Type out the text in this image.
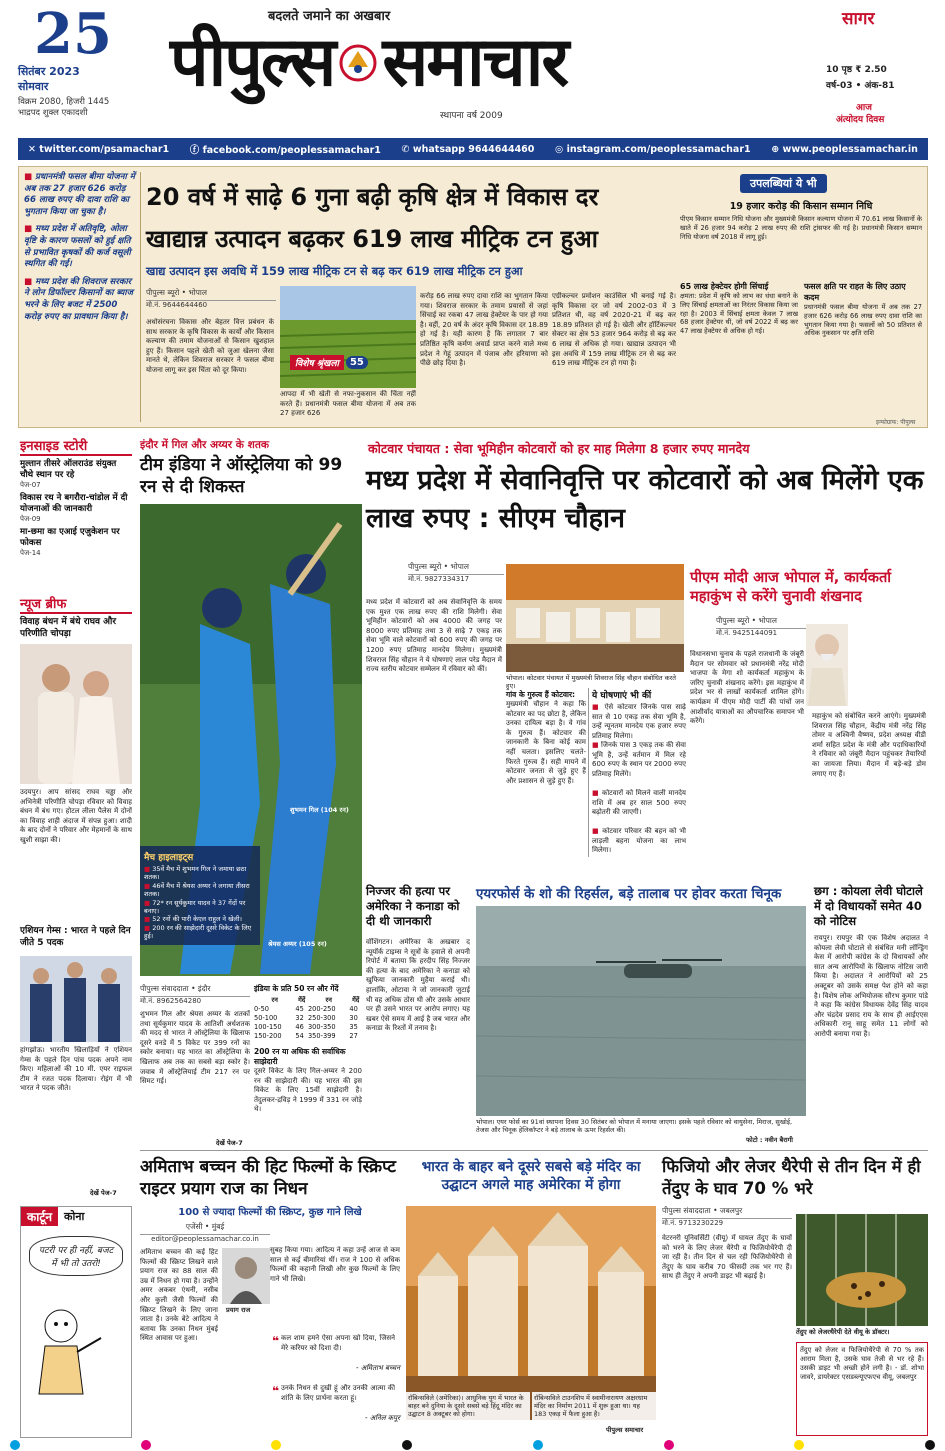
25
सितंबर 2023
सोमवार
विक्रम 2080, हिजरी 1445
भाद्रपद शुक्ल एकादशी
बदलते जमाने का अखबार
पीपुल्स समाचार
स्थापना वर्ष 2009
सागर
10 पृष्ठ ₹ 2.50
वर्ष-03 • अंक-81
आज
अंत्योदय दिवस
✕ twitter.com/psamachar1 ⓕ facebook.com/peoplessamachar1 ✆ whatsapp 9644644460 ◎ instagram.com/peoplessamachar1 ⊕ www.peoplessamachar.in

■ प्रधानमंत्री फसल बीमा योजना में अब तक 27 हजार 626 करोड़ 66 लाख रुपए की दावा राशि का भुगतान किया जा चुका है।

■ मध्य प्रदेश में अतिवृष्टि, ओला वृष्टि के कारण फसलों को हुई क्षति से प्रभावित कृषकों की कर्ज वसूली स्थगित की गई।

■ मध्य प्रदेश की शिवराज सरकार ने लोन डिफॉल्टर किसानों का ब्याज भरने के लिए बजट में 2500 करोड़ रुपए का प्रावधान किया है।

20 वर्ष में साढ़े 6 गुना बढ़ी कृषि क्षेत्र में विकास दर
खाद्यान्न उत्पादन बढ़कर 619 लाख मीट्रिक टन हुआ
खाद्य उत्पादन इस अवधि में 159 लाख मीट्रिक टन से बढ़ कर 619 लाख मीट्रिक टन हुआ
पीपुल्स ब्यूरो • भोपाल
मो.नं. 9644644460
विशेष श्रृंखला	55
अधोसंरचना विकास और बेहतर वित्त प्रबंधन के साथ सरकार के कृषि विकास के कार्यों और किसान कल्याण की तमाम योजनाओं से किसान खुशहाल हुए हैं। किसान पहले खेती को जुआ खेलना जैसा मानते थे, लेकिन शिवराज सरकार ने फसल बीमा योजना लागू कर इस चिंता को दूर किया।
आपदा में भी खेती से नफा-नुकसान की चिंता नहीं करते हैं। प्रधानमंत्री फसल बीमा योजना में अब तक 27 हजार 626
करोड़ 66 लाख रुपए दावा राशि का भुगतान किया गया। शिवराज सरकार के तमाम प्रयासों से जहां सिंचाई का रकबा 47 लाख हेक्टेयर के पार हो गया है। वहीं, 20 वर्ष के अंदर कृषि विकास दर 18.89 हो गई है। यही कारण है कि लगातार 7 बार प्रतिष्ठित कृषि कर्मण अवार्ड प्राप्त करने वाले मध्य प्रदेश ने गेहूं उत्पादन में पंजाब और हरियाणा को पीछे छोड़ दिया है।
एग्रीकल्चर प्रमोशन काउंसिल भी बनाई गई है। कृषि विकास दर जो वर्ष 2002-03 में 3 प्रतिशत थी, वह वर्ष 2020-21 में बढ़ कर 18.89 प्रतिशत हो गई है। खेती और हॉर्टिकल्चर सेक्टर का क्षेत्र 53 हजार 964 करोड़ से बढ़ कर 6 लाख से अधिक हो गया। खाद्यान्न उत्पादन भी इस अवधि में 159 लाख मीट्रिक टन से बढ़ कर 619 लाख मीट्रिक टन हो गया है।
उपलब्धियां ये भी
19 हजार करोड़ की किसान सम्मान निधि
पीएम किसान सम्मान निधि योजना और मुख्यमंत्री किसान कल्याण योजना में 70.61 लाख किसानों के खाते में 26 हजार 94 करोड़ 2 लाख रुपए की राशि ट्रांसफर की गई है। प्रधानमंत्री किसान सम्मान निधि योजना वर्ष 2018 में लागू हुई।
65 लाख हेक्टेयर होगी सिंचाई
क्षमता: प्रदेश में कृषि को लाभ का धंधा बनाने के लिए सिंचाई क्षमताओं का निरंतर विकास किया जा रहा है। 2003 में सिंचाई क्षमता केवल 7 लाख 68 हजार हेक्टेयर थी, जो वर्ष 2022 में बढ़ कर 47 लाख हेक्टेयर से अधिक हो गई।
फसल क्षति पर राहत के लिए उठाए कदम
प्रधानमंत्री फसल बीमा योजना में अब तक 27 हजार 626 करोड़ 66 लाख रुपए दावा राशि का भुगतान किया गया है। फसलों को 50 प्रतिशत से अधिक नुकसान पर क्षति राशि
इन्फोग्राफ: पीपुल्स
इनसाइड स्टोरी
मुल्तान तीसरे ऑलराउंड संयुक्त चौथे स्थान पर रहे
पेज-07
विकास रथ ने बगरौरा-चांडोल में दी योजनाओं की जानकारी
पेज-09
मा-छमा का एआई एजुकेशन पर फोकस
पेज-14
न्यूज ब्रीफ
विवाह बंधन में बंधे राघव और परिणीति चोपड़ा
उदयपुर। आप सांसद राघव चड्ढा और अभिनेत्री परिणीति चोपड़ा रविवार को विवाह बंधन में बंध गए। होटल लीला पैलेस में दोनों का विवाह शाही अंदाज में संपन्न हुआ। शादी के बाद दोनों ने परिवार और मेहमानों के साथ खुशी साझा की।
एशियन गेम्स : भारत ने पहले दिन जीते 5 पदक
हांगझोऊ। भारतीय खिलाड़ियों ने एशियन गेम्स के पहले दिन पांच पदक अपने नाम किए। महिलाओं की 10 मी. एयर राइफल टीम ने रजत पदक दिलाया। रोइंग में भी भारत ने पदक जीते।
देखें पेज-7
कार्टून	कोना
पटरी पर ही नहीं, बजट में भी तो उतरो!
इंदौर में गिल और अय्यर के शतक
टीम इंडिया ने ऑस्ट्रेलिया को 99 रन से दी शिकस्त
शुभमन गिल (104 रन)
श्रेयस अय्यर (105 रन)
मैच हाइलाइट्स
■ 35वें मैच में शुभमन गिल ने जमाया छठा शतक।
■ 46वें मैच में श्रेयस अय्यर ने लगाया तीसरा शतक।
■ 72* रन सूर्यकुमार यादव ने 37 गेंदों पर बनाए।
■ 52 रनों की पारी केएल राहुल ने खेली।
■ 200 रन की साझेदारी दूसरे विकेट के लिए हुई।
पीपुल्स संवाददाता • इंदौर
मो.नं. 8962564280
शुभमन गिल और श्रेयस अय्यर के शतकों तथा सूर्यकुमार यादव के आतिशी अर्धशतक की मदद से भारत ने ऑस्ट्रेलिया के खिलाफ दूसरे वनडे में 5 विकेट पर 399 रनों का स्कोर बनाया। यह भारत का ऑस्ट्रेलिया के खिलाफ अब तक का सबसे बड़ा स्कोर है। जवाब में ऑस्ट्रेलियाई टीम 217 रन पर सिमट गई।
देखें पेज-7
इंडिया के प्रति 50 रन और गेंदें
रन	गेंदें	रन	गेंदें
0-50	45	200-250	40
50-100	32	250-300	30
100-150	46	300-350	35
150-200	54	350-399	27
200 रन या अधिक की सर्वाधिक साझेदारी
दूसरे विकेट के लिए गिल-अय्यर ने 200 रन की साझेदारी की। यह भारत की इस विकेट के लिए 15वीं साझेदारी है। तेंदुलकर-द्रविड़ ने 1999 में 331 रन जोड़े थे।
कोटवार पंचायत : सेवा भूमिहीन कोटवारों को हर माह मिलेगा 8 हजार रुपए मानदेय
मध्य प्रदेश में सेवानिवृत्ति पर कोटवारों को अब मिलेंगे एक लाख रुपए : सीएम चौहान
पीपुल्स ब्यूरो • भोपाल
मो.नं. 9827334317
भोपाल। कोटवार पंचायत में मुख्यमंत्री शिवराज सिंह चौहान संबोधित करते हुए।
मध्य प्रदेश में कोटवारों को अब सेवानिवृत्ति के समय एक मुश्त एक लाख रुपए की राशि मिलेगी। सेवा भूमिहीन कोटवारों को अब 4000 की जगह पर 8000 रुपए प्रतिमाह तथा 3 से साढ़े 7 एकड़ तक सेवा भूमि वाले कोटवारों को 600 रुपए की जगह पर 1200 रुपए प्रतिमाह मानदेय मिलेगा। मुख्यमंत्री शिवराज सिंह चौहान ने ये घोषणाएं लाल परेड मैदान में राज्य स्तरीय कोटवार सम्मेलन में रविवार को कीं।
गांव के गुरुत्व हैं कोटवार:
मुख्यमंत्री चौहान ने कहा कि कोटवार का पद छोटा है, लेकिन उनका दायित्व बड़ा है। वे गांव के गुरुत्व हैं। कोटवार की जानकारी के बिना कोई काम नहीं चलता। इसलिए चलते-फिरते गुरुत्व हैं। सही मायने में कोटवार जनता से जुड़े हुए हैं और प्रशासन से जुड़े हुए हैं।
ये घोषणाएं भी कीं
■ ऐसे कोटवार जिनके पास साढ़े सात से 10 एकड़ तक सेवा भूमि है, उन्हें न्यूनतम मानदेय एक हजार रुपए प्रतिमाह मिलेगा।
■ जिनके पास 3 एकड़ तक की सेवा भूमि है, उन्हें वर्तमान में मिल रहे 600 रुपए के स्थान पर 2000 रुपए प्रतिमाह मिलेंगे।
■ कोटवारों को मिलने वाली मानदेय राशि में अब हर साल 500 रुपए बढ़ोतरी की जाएगी।
■ कोटवार परिवार की बहन को भी लाड़ली बहना योजना का लाभ मिलेगा।
पीएम मोदी आज भोपाल में, कार्यकर्ता महाकुंभ से करेंगे चुनावी शंखनाद
पीपुल्स ब्यूरो • भोपाल
मो.नं. 9425144091
विधानसभा चुनाव के पहले राजधानी के जंबूरी मैदान पर सोमवार को प्रधानमंत्री नरेंद्र मोदी भाजपा के मेगा शो कार्यकर्ता महाकुंभ के जरिए चुनावी शंखनाद करेंगे। इस महाकुंभ में प्रदेश भर से लाखों कार्यकर्ता शामिल होंगे। कार्यक्रम में पीएम मोदी पार्टी की पांचों जन आशीर्वाद यात्राओं का औपचारिक समापन भी करेंगे।
महाकुंभ को संबोधित करने आएंगे। मुख्यमंत्री शिवराज सिंह चौहान, केंद्रीय मंत्री नरेंद्र सिंह तोमर व अश्विनी वैष्णव, प्रदेश अध्यक्ष वीडी शर्मा सहित प्रदेश के मंत्री और पदाधिकारियों ने रविवार को जंबूरी मैदान पहुंचकर तैयारियों का जायजा लिया। मैदान में बड़े-बड़े डोम लगाए गए हैं।
निज्जर की हत्या पर अमेरिका ने कनाडा को दी थी जानकारी
वॉशिंगटन। अमेरिका के अखबार द न्यूयॉर्क टाइम्स ने सूत्रों के हवाले से अपनी रिपोर्ट में बताया कि हरदीप सिंह निज्जर की हत्या के बाद अमेरिका ने कनाडा को खुफिया जानकारी मुहैया कराई थी। हालांकि, ओटावा ने जो जानकारी जुटाई थी वह अधिक ठोस थी और उसके आधार पर ही उसने भारत पर आरोप लगाए। यह खबर ऐसे समय में आई है जब भारत और कनाडा के रिश्तों में तनाव है।
एयरफोर्स के शो की रिहर्सल, बड़े तालाब पर होवर करता चिनूक
भोपाल। एयर फोर्स का 91वां स्थापना दिवस 30 सितंबर को भोपाल में मनाया जाएगा। इसके पहले रविवार को वायुसेना, मिराज, सुखोई, तेजस और चिनूक हेलिकॉप्टर ने बड़े तालाब के ऊपर रिहर्सल की।
फोटो : नवीन बैरागी
छग : कोयला लेवी घोटाले में दो विधायकों समेत 40 को नोटिस
रायपुर। रायपुर की एक विशेष अदालत ने कोयला लेवी घोटाले से संबंधित मनी लॉन्ड्रिंग केस में आरोपी कांग्रेस के दो विधायकों और सात अन्य आरोपियों के खिलाफ नोटिस जारी किया है। अदालत ने आरोपियों को 25 अक्टूबर को उसके समक्ष पेश होने को कहा है। विशेष लोक अभियोजक सौरभ कुमार पांडे ने कहा कि कांग्रेस विधायक देवेंद्र सिंह यादव और चंद्रदेव प्रसाद राय के साथ ही आईएएस अधिकारी रानू साहू समेत 11 लोगों को आरोपी बनाया गया है।
अमिताभ बच्चन की हिट फिल्मों के स्क्रिप्ट राइटर प्रयाग राज का निधन
100 से ज्यादा फिल्मों की स्क्रिप्ट, कुछ गाने लिखे
एजेंसी • मुंबई
editor@peoplessamachar.co.in
अमिताभ बच्चन की कई हिट फिल्मों की स्क्रिप्ट लिखने वाले प्रयाग राज का 88 साल की उम्र में निधन हो गया है। उन्होंने अमर अकबर एंथनी, नसीब और कुली जैसी फिल्मों की स्क्रिप्ट लिखने के लिए जाना जाता है। उनके बेटे आदित्य ने बताया कि उनका निधन मुंबई स्थित आवास पर हुआ।
प्रयाग राज
सुबह किया गया। आदित्य ने कहा उन्हें आज से कम साल से कई बीमारियां थीं। राज ने 100 से अधिक फिल्मों की कहानी लिखी और कुछ फिल्मों के लिए गाने भी लिखे।
❝ कल शाम हमने ऐसा अपना खो दिया, जिसने मेरे करियर को दिशा दी।
- अमिताभ बच्चन
❝ उनके निधन से दुखी हूं और उनकी आत्मा की शांति के लिए प्रार्थना करता हूं।
- अनिल कपूर
भारत के बाहर बने दूसरे सबसे बड़े मंदिर का उद्घाटन अगले माह अमेरिका में होगा
रॉबिन्सविले (अमेरिका)। आधुनिक युग में भारत के बाहर बने दुनिया के दूसरे सबसे बड़े हिंदू मंदिर का उद्घाटन 8 अक्टूबर को होगा।
रॉबिन्सविले टाउनशिप में स्वामीनारायण अक्षरधाम मंदिर का निर्माण 2011 में शुरू हुआ था। यह 183 एकड़ में फैला हुआ है।
पीपुल्स समाचार
फिजियो और लेजर थैरेपी से तीन दिन में ही तेंदुए के घाव 70 % भरे
पीपुल्स संवाददाता • जबलपुर
मो.नं. 9713230229
वेटरनरी यूनिवर्सिटी (वीयू) में घायल तेंदुए के घावों को भरने के लिए लेजर थैरेपी व फिजियोथैरेपी दी जा रही है। तीन दिन से चल रही फिजियोथैरेपी से तेंदुए के घाव करीब 70 फीसदी तक भर गए हैं। साथ ही तेंदुए ने अपनी डाइट भी बढ़ाई है।
तेंदुए को लेजरथैरेपी देते वीयू के डॉक्टर।
तेंदुए को लेजर व फिजियोथैरेपी से 70 % तक आराम मिला है, उसके घाव तेजी से भर रहे हैं। उसकी डाइट भी अच्छी होने लगी है। - डॉ. शोभा जावरे, डायरेक्टर एसडब्ल्यूएफएच वीयू, जबलपुर
